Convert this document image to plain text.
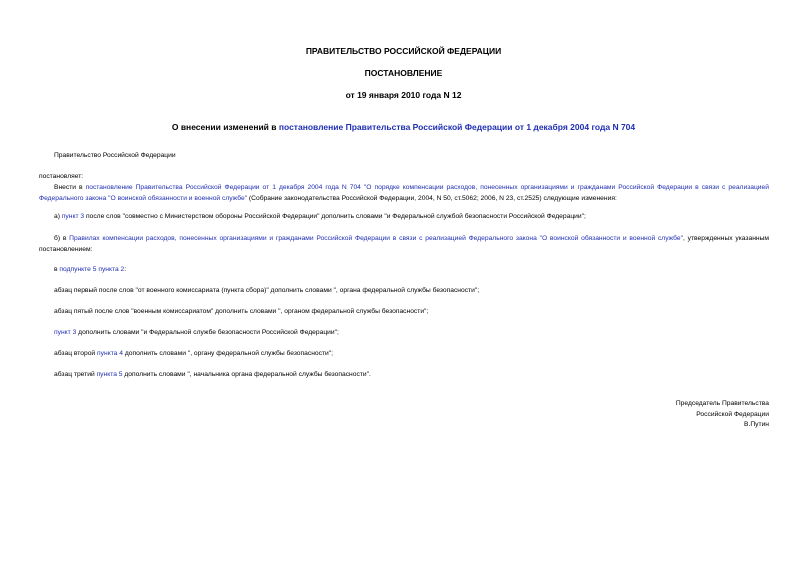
ПРАВИТЕЛЬСТВО РОССИЙСКОЙ ФЕДЕРАЦИИ
ПОСТАНОВЛЕНИЕ
от 19 января 2010 года N 12
О внесении изменений в постановление Правительства Российской Федерации от 1 декабря 2004 года N 704
Правительство Российской Федерации
постановляет:
Внести в постановление Правительства Российской Федерации от 1 декабря 2004 года N 704 "О порядке компенсации расходов, понесенных организациями и гражданами Российской Федерации в связи с реализацией Федерального закона "О воинской обязанности и военной службе" (Собрание законодательства Российской Федерации, 2004, N 50, ст.5062; 2006, N 23, ст.2525) следующие изменения:
а) пункт 3 после слов "совместно с Министерством обороны Российской Федерации" дополнить словами "и Федеральной службой безопасности Российской Федерации";
б) в Правилах компенсации расходов, понесенных организациями и гражданами Российской Федерации в связи с реализацией Федерального закона "О воинской обязанности и военной службе", утвержденных указанным постановлением:
в подпункте 5 пункта 2:
абзац первый после слов "от военного комиссариата (пункта сбора)" дополнить словами ", органа федеральной службы безопасности";
абзац пятый после слов "военным комиссариатом" дополнить словами ", органом федеральной службы безопасности";
пункт 3 дополнить словами "и Федеральной службе безопасности Российской Федерации";
абзац второй пункта 4 дополнить словами ", органу федеральной службы безопасности";
абзац третий пункта 5 дополнить словами ", начальника органа федеральной службы безопасности".
Председатель Правительства
Российской Федерации
В.Путин
